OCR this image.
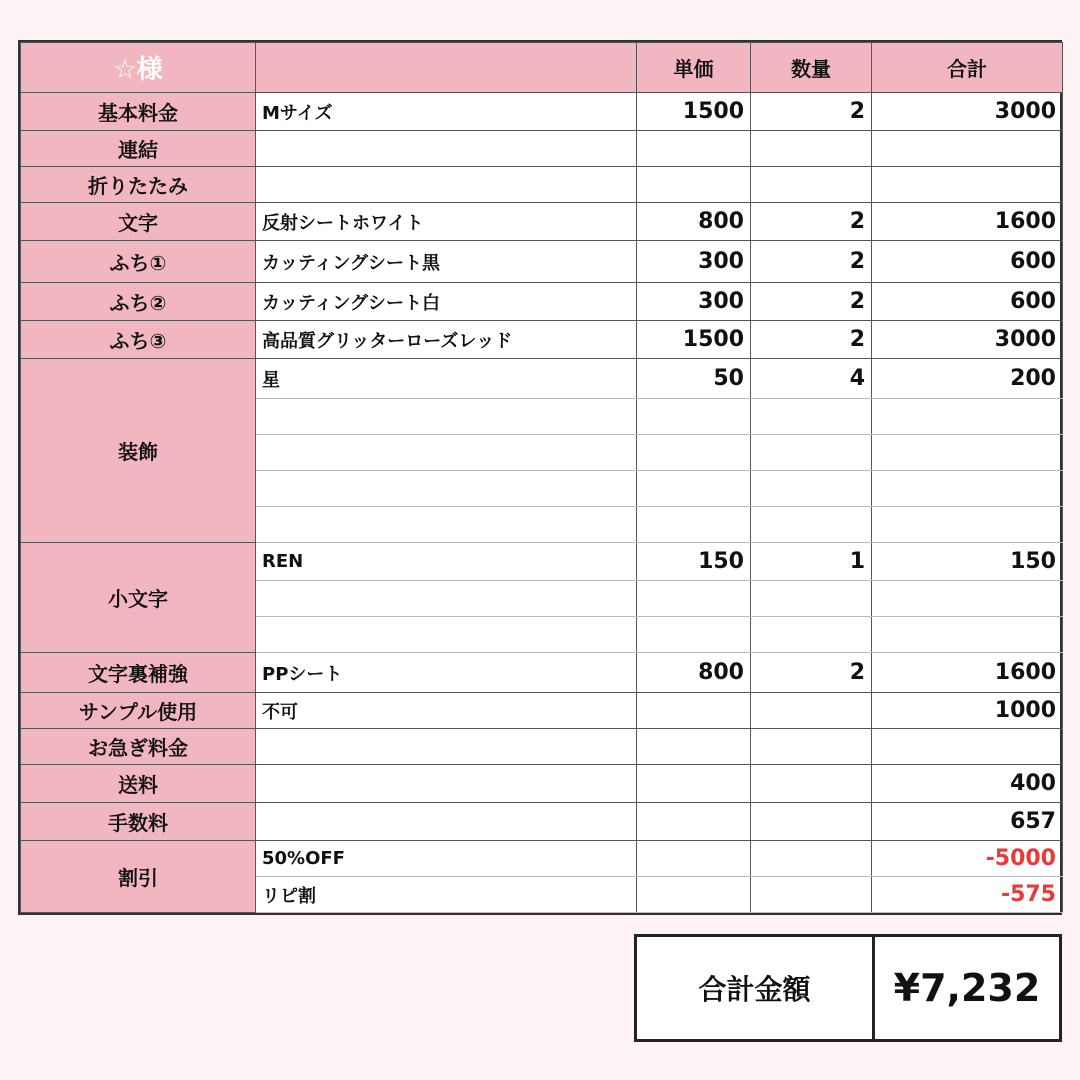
☆様		単価	数量	合計
基本料金	Mサイズ	1500	2	3000
連結				
折りたたみ				
文字	反射シートホワイト	800	2	1600
ふち①	カッティングシート黒	300	2	600
ふち②	カッティングシート白	300	2	600
ふち③	高品質グリッターローズレッド	1500	2	3000
装飾	星	50	4	200

小文字	REN	150	1	150

文字裏補強	PPシート	800	2	1600
サンプル使用	不可			1000
お急ぎ料金				
送料				400
手数料				657
割引	50%OFF			-5000
	リピ割			-575
合計金額	¥7,232
